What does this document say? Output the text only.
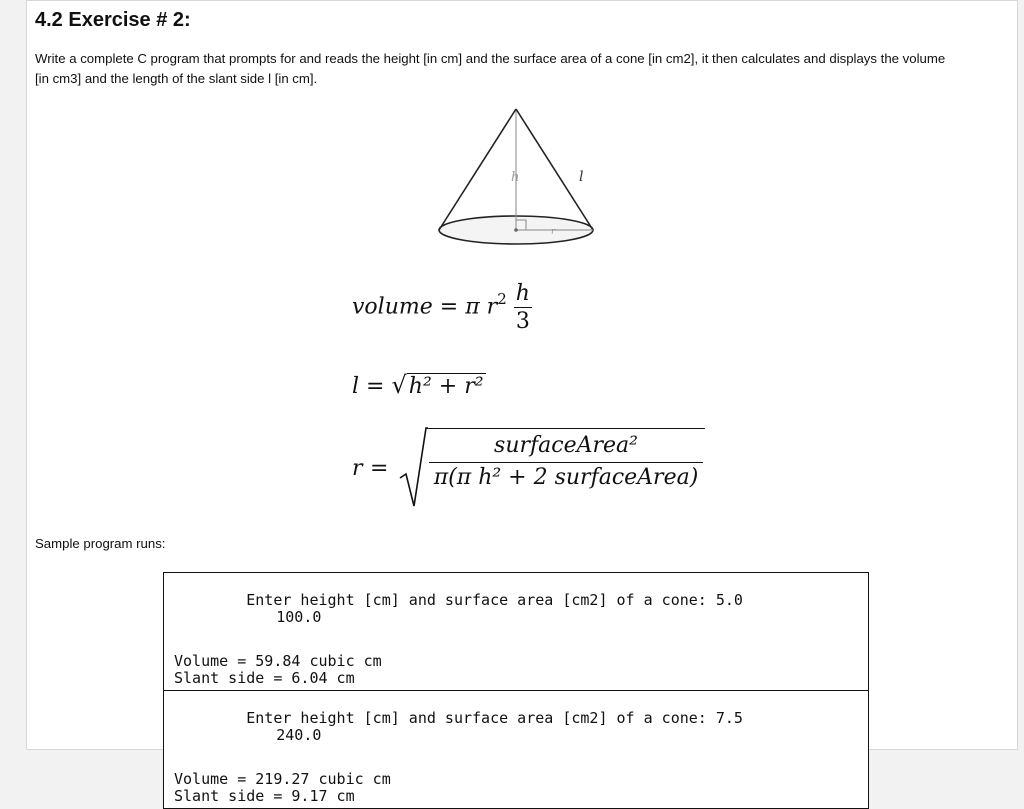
4.2 Exercise # 2:

Write a complete C program that prompts for and reads the height [in cm] and the surface area of a cone [in cm2], it then calculates and displays the volume
[in cm3] and the length of the slant side l [in cm].

h	l
r
volume = π $r^2 \frac{h}{3}$
l = √h² + r²
r =
surfaceArea²
π(π h² + 2 surfaceArea)

Sample program runs:

Enter height [cm] and surface area [cm2] of a cone: 5.0
100.0

Volume = 59.84 cubic cm
Slant side = 6.04 cm

Enter height [cm] and surface area [cm2] of a cone: 7.5
240.0

Volume = 219.27 cubic cm
Slant side = 9.17 cm
